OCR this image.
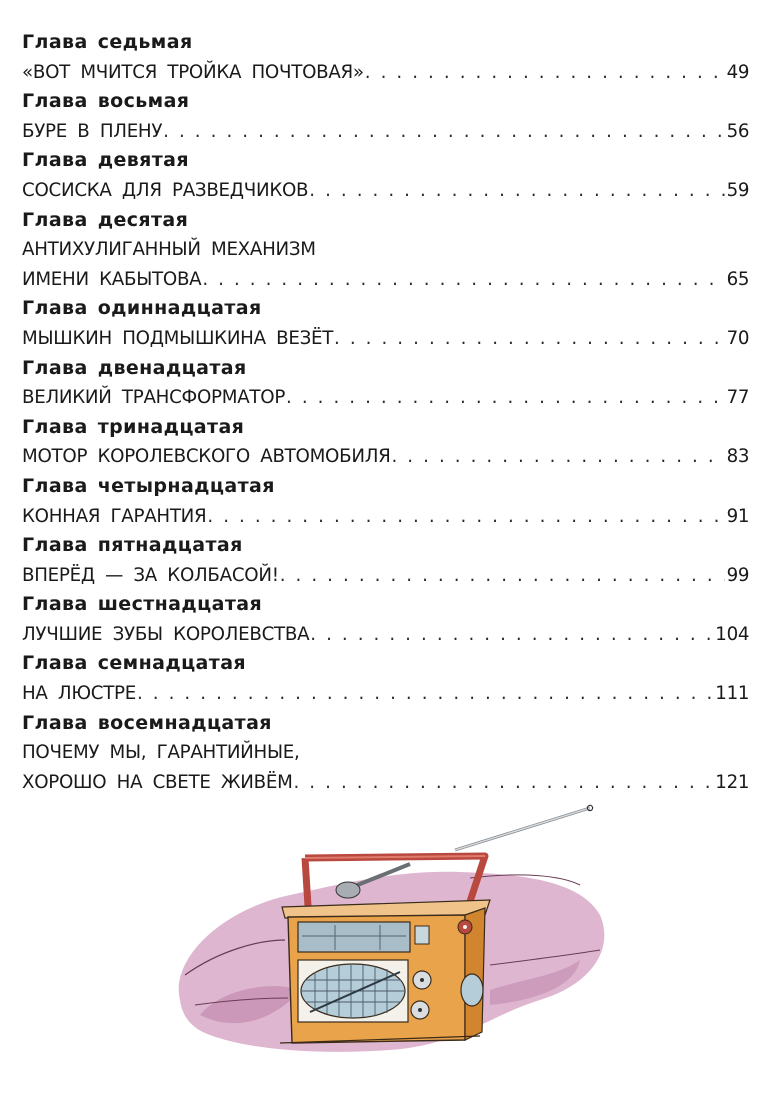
Глава седьмая
«ВОТ МЧИТСЯ ТРОЙКА ПОЧТОВАЯ» . . .	49
Глава восьмая
БУРЕ В ПЛЕНУ . . .	56
Глава девятая
СОСИСКА ДЛЯ РАЗВЕДЧИКОВ . . .	59
Глава десятая
АНТИХУЛИГАННЫЙ МЕХАНИЗМ
ИМЕНИ КАБЫТОВА . . .	65
Глава одиннадцатая
МЫШКИН ПОДМЫШКИНА ВЕЗЁТ . . .	70
Глава двенадцатая
ВЕЛИКИЙ ТРАНСФОРМАТОР . . .	77
Глава тринадцатая
МОТОР КОРОЛЕВСКОГО АВТОМОБИЛЯ . . .	83
Глава четырнадцатая
КОННАЯ ГАРАНТИЯ . . .	91
Глава пятнадцатая
ВПЕРЁД — ЗА КОЛБАСОЙ! . . .	99
Глава шестнадцатая
ЛУЧШИЕ ЗУБЫ КОРОЛЕВСТВА . . .	104
Глава семнадцатая
НА ЛЮСТРЕ . . .	111
Глава восемнадцатая
ПОЧЕМУ МЫ, ГАРАНТИЙНЫЕ,
ХОРОШО НА СВЕТЕ ЖИВЁМ . . .	121
